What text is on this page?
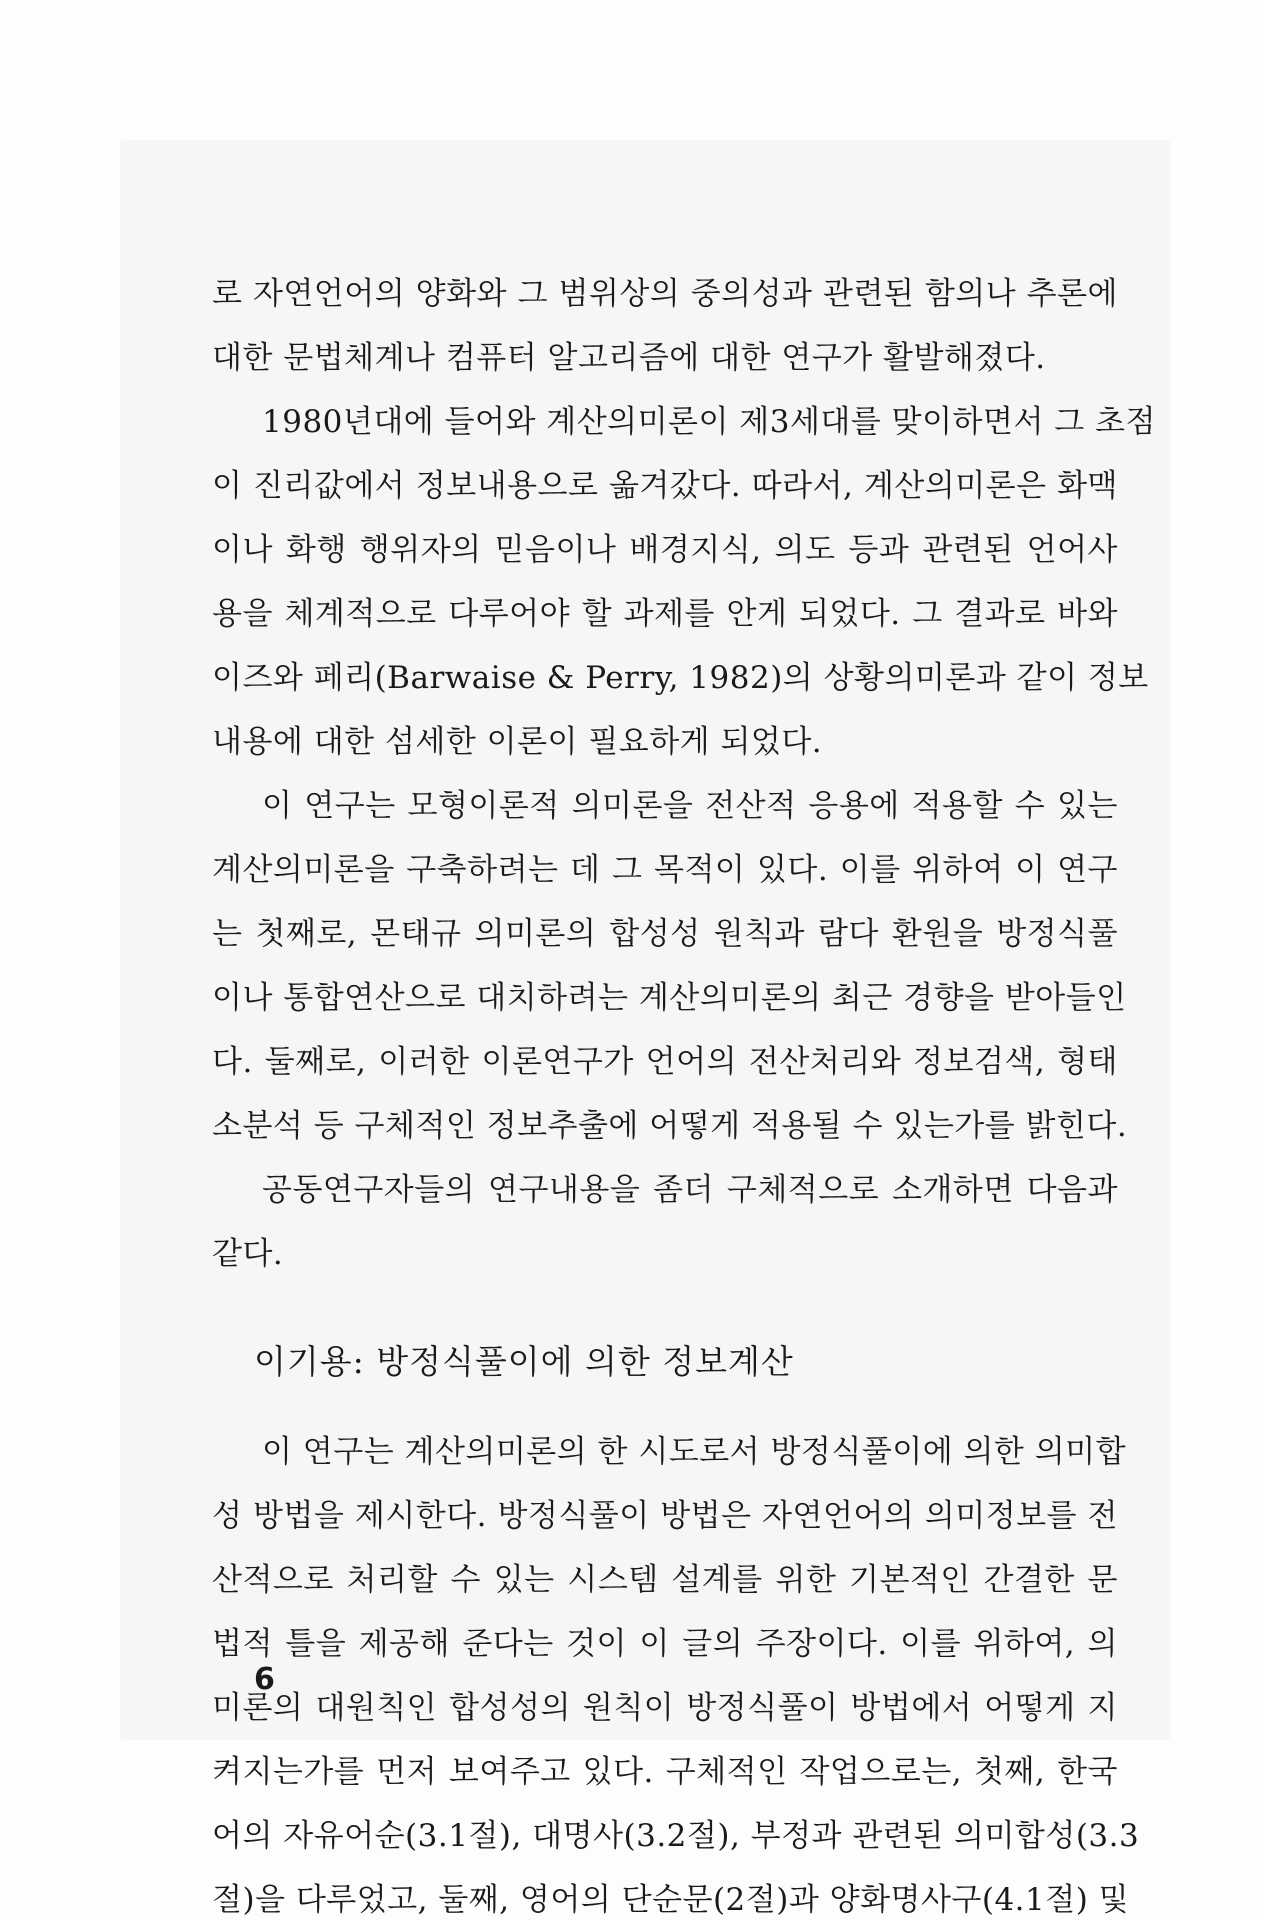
로 자연언어의 양화와 그 범위상의 중의성과 관련된 함의나 추론에
대한 문법체계나 컴퓨터 알고리즘에 대한 연구가 활발해졌다.
1980년대에 들어와 계산의미론이 제3세대를 맞이하면서 그 초점
이 진리값에서 정보내용으로 옮겨갔다. 따라서, 계산의미론은 화맥
이나 화행 행위자의 믿음이나 배경지식, 의도 등과 관련된 언어사
용을 체계적으로 다루어야 할 과제를 안게 되었다. 그 결과로 바와
이즈와 페리(Barwaise & Perry, 1982)의 상황의미론과 같이 정보
내용에 대한 섬세한 이론이 필요하게 되었다.
이 연구는 모형이론적 의미론을 전산적 응용에 적용할 수 있는
계산의미론을 구축하려는 데 그 목적이 있다. 이를 위하여 이 연구
는 첫째로, 몬태규 의미론의 합성성 원칙과 람다 환원을 방정식풀
이나 통합연산으로 대치하려는 계산의미론의 최근 경향을 받아들인
다. 둘째로, 이러한 이론연구가 언어의 전산처리와 정보검색, 형태
소분석 등 구체적인 정보추출에 어떻게 적용될 수 있는가를 밝힌다.
공동연구자들의 연구내용을 좀더 구체적으로 소개하면 다음과
같다.
이기용: 방정식풀이에 의한 정보계산
이 연구는 계산의미론의 한 시도로서 방정식풀이에 의한 의미합
성 방법을 제시한다. 방정식풀이 방법은 자연언어의 의미정보를 전
산적으로 처리할 수 있는 시스템 설계를 위한 기본적인 간결한 문
법적 틀을 제공해 준다는 것이 이 글의 주장이다. 이를 위하여, 의
미론의 대원칙인 합성성의 원칙이 방정식풀이 방법에서 어떻게 지
켜지는가를 먼저 보여주고 있다. 구체적인 작업으로는, 첫째, 한국
어의 자유어순(3.1절), 대명사(3.2절), 부정과 관련된 의미합성(3.3
절)을 다루었고, 둘째, 영어의 단순문(2절)과 양화명사구(4.1절) 및
6
